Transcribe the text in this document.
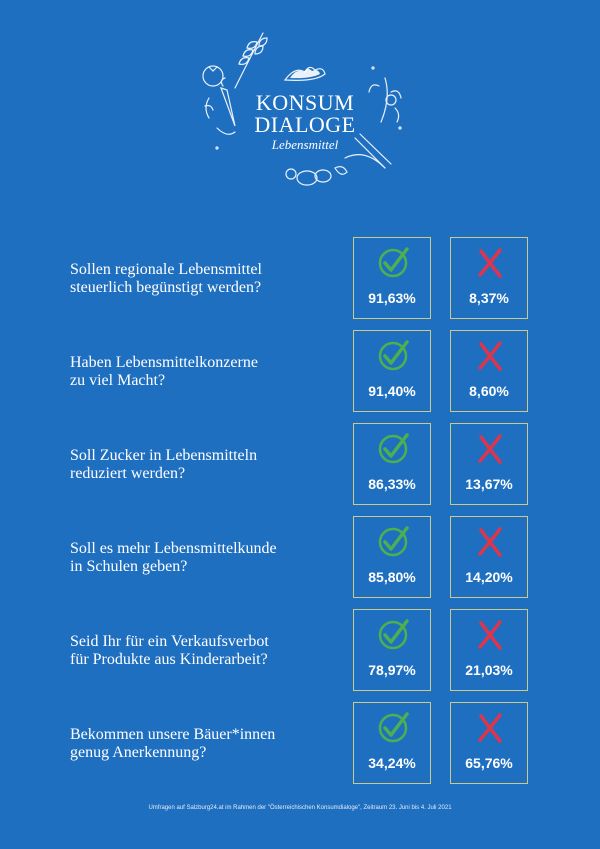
KONSUM
DIALOGE
Lebensmittel
Sollen regionale Lebensmittel
steuerlich begünstigt werden?
91,63%	8,37%
Haben Lebensmittelkonzerne
zu viel Macht?
91,40%	8,60%
Soll Zucker in Lebensmitteln
reduziert werden?
86,33%	13,67%
Soll es mehr Lebensmittelkunde
in Schulen geben?
85,80%	14,20%
Seid Ihr für ein Verkaufsverbot
für Produkte aus Kinderarbeit?
78,97%	21,03%
Bekommen unsere Bäuer*innen
genug Anerkennung?
34,24%	65,76%
Umfragen auf Salzburg24.at im Rahmen der "Österreichischen Konsumdialoge", Zeitraum 23. Juni bis 4. Juli 2021
